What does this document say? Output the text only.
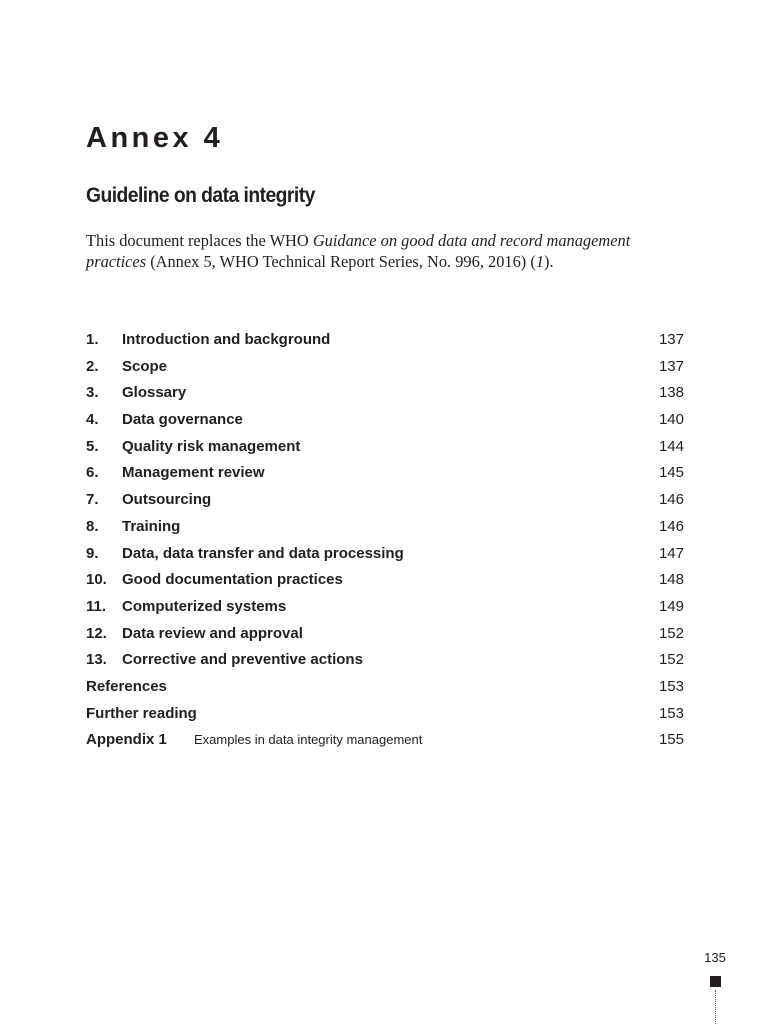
Annex 4
Guideline on data integrity

This document replaces the WHO Guidance on good data and record management practices (Annex 5, WHO Technical Report Series, No. 996, 2016) (1).

1. Introduction and background	137
2. Scope	137
3. Glossary	138
4. Data governance	140
5. Quality risk management	144
6. Management review	145
7. Outsourcing	146
8. Training	146
9. Data, data transfer and data processing	147
10. Good documentation practices	148
11. Computerized systems	149
12. Data review and approval	152
13. Corrective and preventive actions	152
References	153
Further reading	153
Appendix 1 Examples in data integrity management	155
135
